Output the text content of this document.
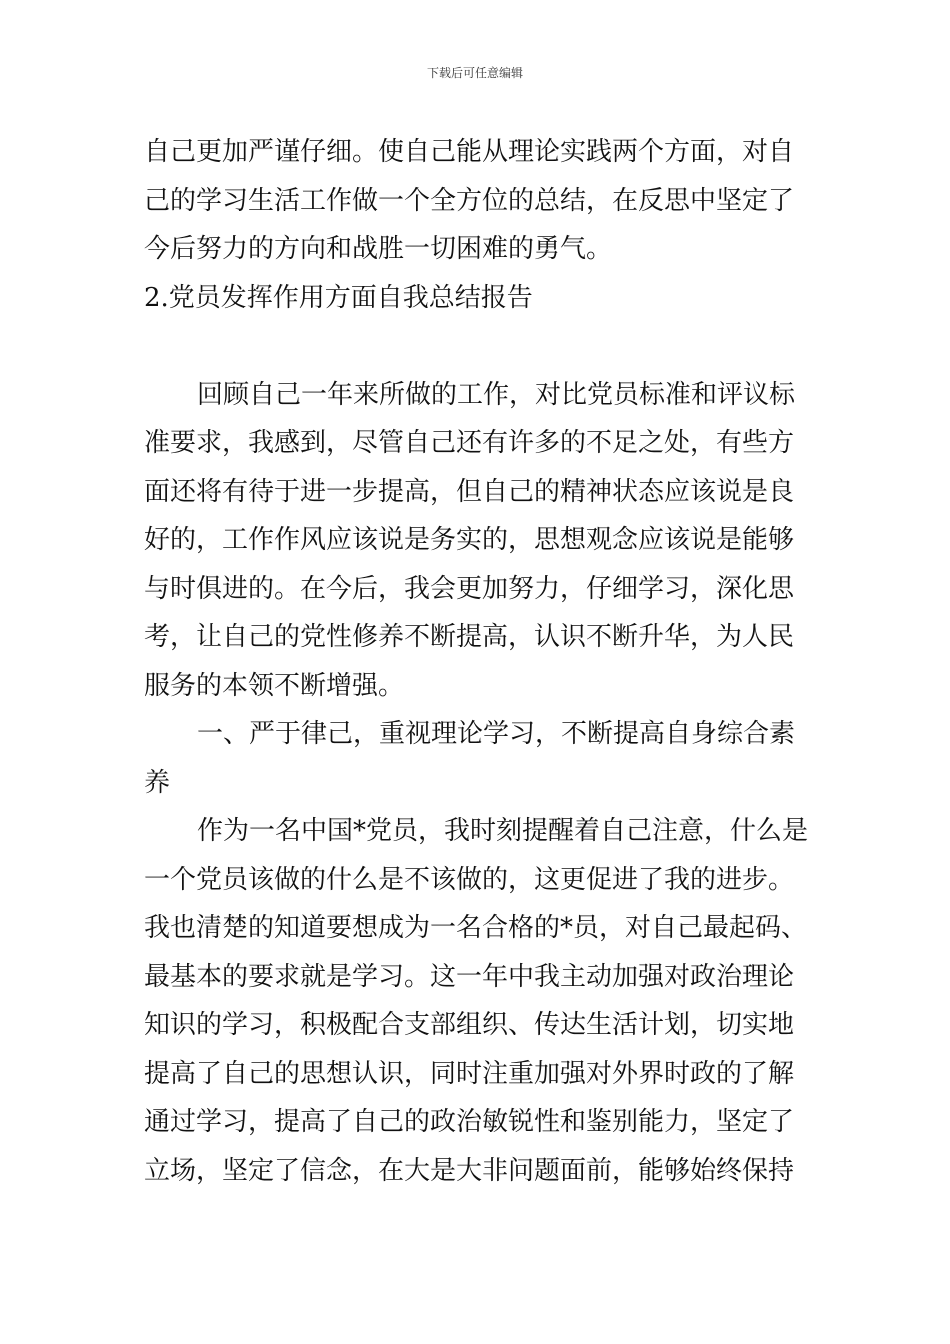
下载后可任意编辑
自己更加严谨仔细。使自己能从理论实践两个方面，对自
己的学习生活工作做一个全方位的总结，在反思中坚定了
今后努力的方向和战胜一切困难的勇气。
2.党员发挥作用方面自我总结报告
回顾自己一年来所做的工作，对比党员标准和评议标
准要求，我感到，尽管自己还有许多的不足之处，有些方
面还将有待于进一步提高，但自己的精神状态应该说是良
好的，工作作风应该说是务实的，思想观念应该说是能够
与时俱进的。在今后，我会更加努力，仔细学习，深化思
考，让自己的党性修养不断提高，认识不断升华，为人民
服务的本领不断增强。
一、严于律己，重视理论学习，不断提高自身综合素
养
作为一名中国*党员，我时刻提醒着自己注意，什么是
一个党员该做的什么是不该做的，这更促进了我的进步。
我也清楚的知道要想成为一名合格的*员，对自己最起码、
最基本的要求就是学习。这一年中我主动加强对政治理论
知识的学习，积极配合支部组织、传达生活计划，切实地
提高了自己的思想认识，同时注重加强对外界时政的了解
通过学习，提高了自己的政治敏锐性和鉴别能力，坚定了
立场，坚定了信念，在大是大非问题面前，能够始终保持
